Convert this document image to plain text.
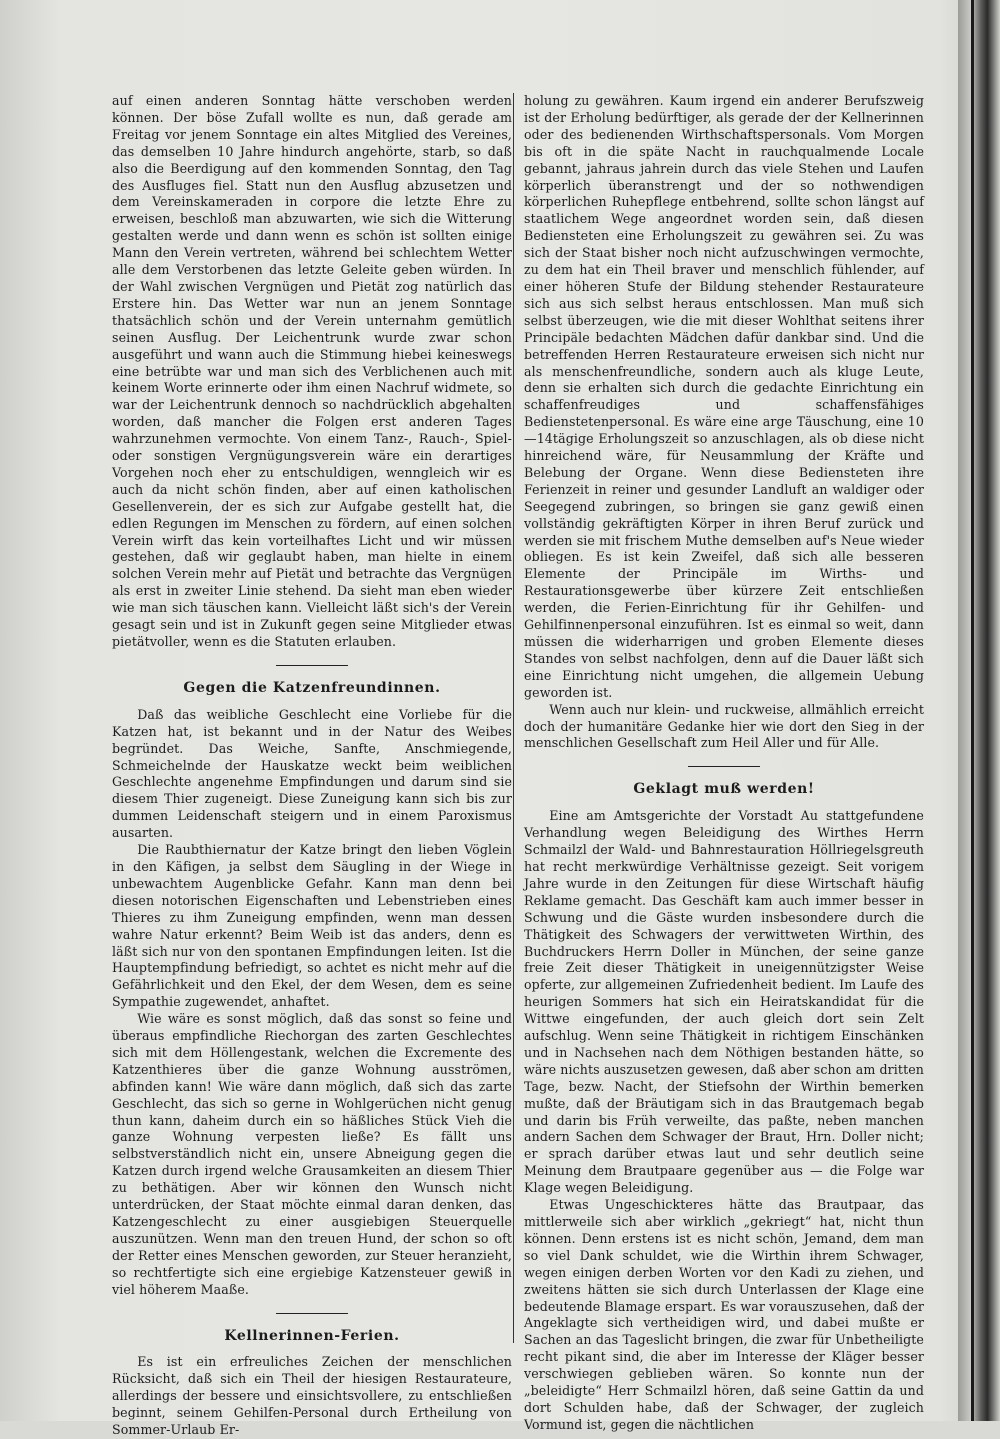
auf einen anderen Sonntag hätte verschoben werden können. Der böse Zufall wollte es nun, daß gerade am Freitag vor jenem Sonntage ein altes Mitglied des Vereines, das demselben 10 Jahre hindurch angehörte, starb, so daß also die Beerdigung auf den kommenden Sonntag, den Tag des Ausfluges fiel. Statt nun den Ausflug abzusetzen und dem Vereinskameraden in corpore die letzte Ehre zu erweisen, beschloß man abzuwarten, wie sich die Witterung gestalten werde und dann wenn es schön ist sollten einige Mann den Verein vertreten, während bei schlechtem Wetter alle dem Verstorbenen das letzte Geleite geben würden. In der Wahl zwischen Vergnügen und Pietät zog natürlich das Erstere hin. Das Wetter war nun an jenem Sonntage thatsächlich schön und der Verein unternahm gemütlich seinen Ausflug. Der Leichentrunk wurde zwar schon ausgeführt und wann auch die Stimmung hiebei keineswegs eine betrübte war und man sich des Verblichenen auch mit keinem Worte erinnerte oder ihm einen Nachruf widmete, so war der Leichentrunk dennoch so nachdrücklich abgehalten worden, daß mancher die Folgen erst anderen Tages wahrzunehmen vermochte. Von einem Tanz-, Rauch-, Spiel- oder sonstigen Vergnügungsverein wäre ein derartiges Vorgehen noch eher zu entschuldigen, wenngleich wir es auch da nicht schön finden, aber auf einen katholischen Gesellenverein, der es sich zur Aufgabe gestellt hat, die edlen Regungen im Menschen zu fördern, auf einen solchen Verein wirft das kein vorteilhaftes Licht und wir müssen gestehen, daß wir geglaubt haben, man hielte in einem solchen Verein mehr auf Pietät und betrachte das Vergnügen als erst in zweiter Linie stehend. Da sieht man eben wieder wie man sich täuschen kann. Vielleicht läßt sich's der Verein gesagt sein und ist in Zukunft gegen seine Mitglieder etwas pietätvoller, wenn es die Statuten erlauben.

Gegen die Katzenfreundinnen.

Daß das weibliche Geschlecht eine Vorliebe für die Katzen hat, ist bekannt und in der Natur des Weibes begründet. Das Weiche, Sanfte, Anschmiegende, Schmeichelnde der Hauskatze weckt beim weiblichen Geschlechte angenehme Empfindungen und darum sind sie diesem Thier zugeneigt. Diese Zuneigung kann sich bis zur dummen Leidenschaft steigern und in einem Paroxismus ausarten.

Die Raubthiernatur der Katze bringt den lieben Vöglein in den Käfigen, ja selbst dem Säugling in der Wiege in unbewachtem Augenblicke Gefahr. Kann man denn bei diesen notorischen Eigenschaften und Lebenstrieben eines Thieres zu ihm Zuneigung empfinden, wenn man dessen wahre Natur erkennt? Beim Weib ist das anders, denn es läßt sich nur von den spontanen Empfindungen leiten. Ist die Hauptempfindung befriedigt, so achtet es nicht mehr auf die Gefährlichkeit und den Ekel, der dem Wesen, dem es seine Sympathie zugewendet, anhaftet.

Wie wäre es sonst möglich, daß das sonst so feine und überaus empfindliche Riechorgan des zarten Geschlechtes sich mit dem Höllengestank, welchen die Excremente des Katzenthieres über die ganze Wohnung ausströmen, abfinden kann! Wie wäre dann möglich, daß sich das zarte Geschlecht, das sich so gerne in Wohlgerüchen nicht genug thun kann, daheim durch ein so häßliches Stück Vieh die ganze Wohnung verpesten ließe? Es fällt uns selbstverständlich nicht ein, unsere Abneigung gegen die Katzen durch irgend welche Grausamkeiten an diesem Thier zu bethätigen. Aber wir können den Wunsch nicht unterdrücken, der Staat möchte einmal daran denken, das Katzengeschlecht zu einer ausgiebigen Steuerquelle auszunützen. Wenn man den treuen Hund, der schon so oft der Retter eines Menschen geworden, zur Steuer heranzieht, so rechtfertigte sich eine ergiebige Katzensteuer gewiß in viel höherem Maaße.

Kellnerinnen-Ferien.

Es ist ein erfreuliches Zeichen der menschlichen Rücksicht, daß sich ein Theil der hiesigen Restaurateure, allerdings der bessere und einsichtsvollere, zu entschließen beginnt, seinem Gehilfen-Personal durch Ertheilung von Sommer-Urlaub Er-

holung zu gewähren. Kaum irgend ein anderer Berufszweig ist der Erholung bedürftiger, als gerade der der Kellnerinnen oder des bedienenden Wirthschaftspersonals. Vom Morgen bis oft in die späte Nacht in rauchqualmende Locale gebannt, jahraus jahrein durch das viele Stehen und Laufen körperlich überanstrengt und der so nothwendigen körperlichen Ruhepflege entbehrend, sollte schon längst auf staatlichem Wege angeordnet worden sein, daß diesen Bediensteten eine Erholungszeit zu gewähren sei. Zu was sich der Staat bisher noch nicht aufzuschwingen vermochte, zu dem hat ein Theil braver und menschlich fühlender, auf einer höheren Stufe der Bildung stehender Restaurateure sich aus sich selbst heraus entschlossen. Man muß sich selbst überzeugen, wie die mit dieser Wohlthat seitens ihrer Principäle bedachten Mädchen dafür dankbar sind. Und die betreffenden Herren Restaurateure erweisen sich nicht nur als menschenfreundliche, sondern auch als kluge Leute, denn sie erhalten sich durch die gedachte Einrichtung ein schaffenfreudiges und schaffensfähiges Bedienstetenpersonal. Es wäre eine arge Täuschung, eine 10—14tägige Erholungszeit so anzuschlagen, als ob diese nicht hinreichend wäre, für Neusammlung der Kräfte und Belebung der Organe. Wenn diese Bediensteten ihre Ferienzeit in reiner und gesunder Landluft an waldiger oder Seegegend zubringen, so bringen sie ganz gewiß einen vollständig gekräftigten Körper in ihren Beruf zurück und werden sie mit frischem Muthe demselben auf's Neue wieder obliegen. Es ist kein Zweifel, daß sich alle besseren Elemente der Principäle im Wirths- und Restaurationsgewerbe über kürzere Zeit entschließen werden, die Ferien-Einrichtung für ihr Gehilfen- und Gehilfinnenpersonal einzuführen. Ist es einmal so weit, dann müssen die widerharrigen und groben Elemente dieses Standes von selbst nachfolgen, denn auf die Dauer läßt sich eine Einrichtung nicht umgehen, die allgemein Uebung geworden ist.

Wenn auch nur klein- und ruckweise, allmählich erreicht doch der humanitäre Gedanke hier wie dort den Sieg in der menschlichen Gesellschaft zum Heil Aller und für Alle.

Geklagt muß werden!

Eine am Amtsgerichte der Vorstadt Au stattgefundene Verhandlung wegen Beleidigung des Wirthes Herrn Schmailzl der Wald- und Bahnrestauration Höllriegelsgreuth hat recht merkwürdige Verhältnisse gezeigt. Seit vorigem Jahre wurde in den Zeitungen für diese Wirtschaft häufig Reklame gemacht. Das Geschäft kam auch immer besser in Schwung und die Gäste wurden insbesondere durch die Thätigkeit des Schwagers der verwittweten Wirthin, des Buchdruckers Herrn Doller in München, der seine ganze freie Zeit dieser Thätigkeit in uneigennützigster Weise opferte, zur allgemeinen Zufriedenheit bedient. Im Laufe des heurigen Sommers hat sich ein Heiratskandidat für die Wittwe eingefunden, der auch gleich dort sein Zelt aufschlug. Wenn seine Thätigkeit in richtigem Einschänken und in Nachsehen nach dem Nöthigen bestanden hätte, so wäre nichts auszusetzen gewesen, daß aber schon am dritten Tage, bezw. Nacht, der Stiefsohn der Wirthin bemerken mußte, daß der Bräutigam sich in das Brautgemach begab und darin bis Früh verweilte, das paßte, neben manchen andern Sachen dem Schwager der Braut, Hrn. Doller nicht; er sprach darüber etwas laut und sehr deutlich seine Meinung dem Brautpaare gegenüber aus — die Folge war Klage wegen Beleidigung.

Etwas Ungeschickteres hätte das Brautpaar, das mittlerweile sich aber wirklich „gekriegt“ hat, nicht thun können. Denn erstens ist es nicht schön, Jemand, dem man so viel Dank schuldet, wie die Wirthin ihrem Schwager, wegen einigen derben Worten vor den Kadi zu ziehen, und zweitens hätten sie sich durch Unterlassen der Klage eine bedeutende Blamage erspart. Es war vorauszusehen, daß der Angeklagte sich vertheidigen wird, und dabei mußte er Sachen an das Tageslicht bringen, die zwar für Unbetheiligte recht pikant sind, die aber im Interesse der Kläger besser verschwiegen geblieben wären. So konnte nun der „beleidigte“ Herr Schmailzl hören, daß seine Gattin da und dort Schulden habe, daß der Schwager, der zugleich Vormund ist, gegen die nächtlichen
